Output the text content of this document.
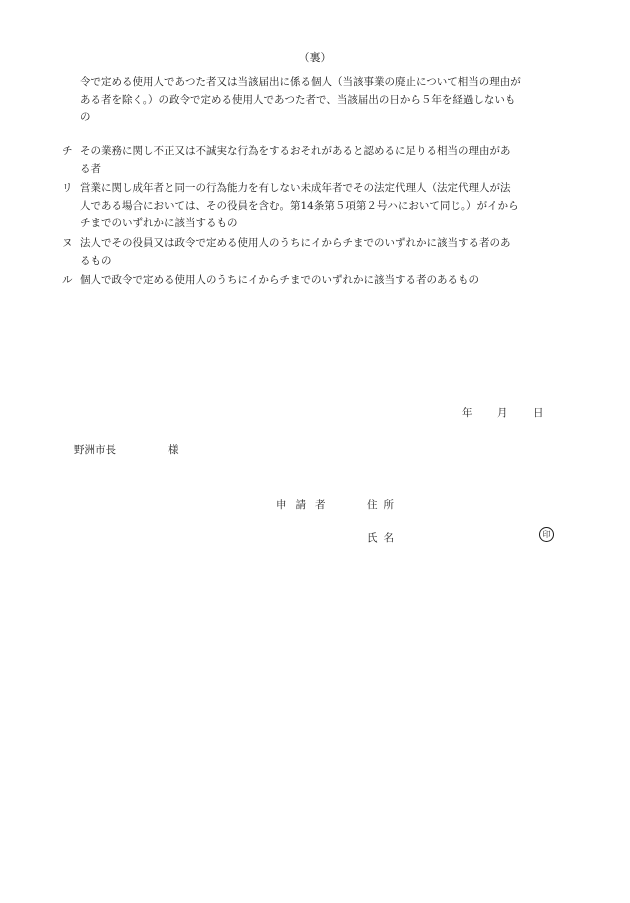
（裏）
令で定める使用人であつた者又は当該届出に係る個人（当該事業の廃止について相当の理由が
ある者を除く。）の政令で定める使用人であつた者で、当該届出の日から５年を経過しないも
の
チ その業務に関し不正又は不誠実な行為をするおそれがあると認めるに足りる相当の理由があ
る者
リ 営業に関し成年者と同一の行為能力を有しない未成年者でその法定代理人（法定代理人が法
人である場合においては、その役員を含む。第14条第５項第２号ハにおいて同じ。）がイから
チまでのいずれかに該当するもの
ヌ 法人でその役員又は政令で定める使用人のうちにイからチまでのいずれかに該当する者のあ
るもの
ル 個人で政令で定める使用人のうちにイからチまでのいずれかに該当する者のあるもの
年 月 日
野洲市長	様
申請者	住所
氏名	印
